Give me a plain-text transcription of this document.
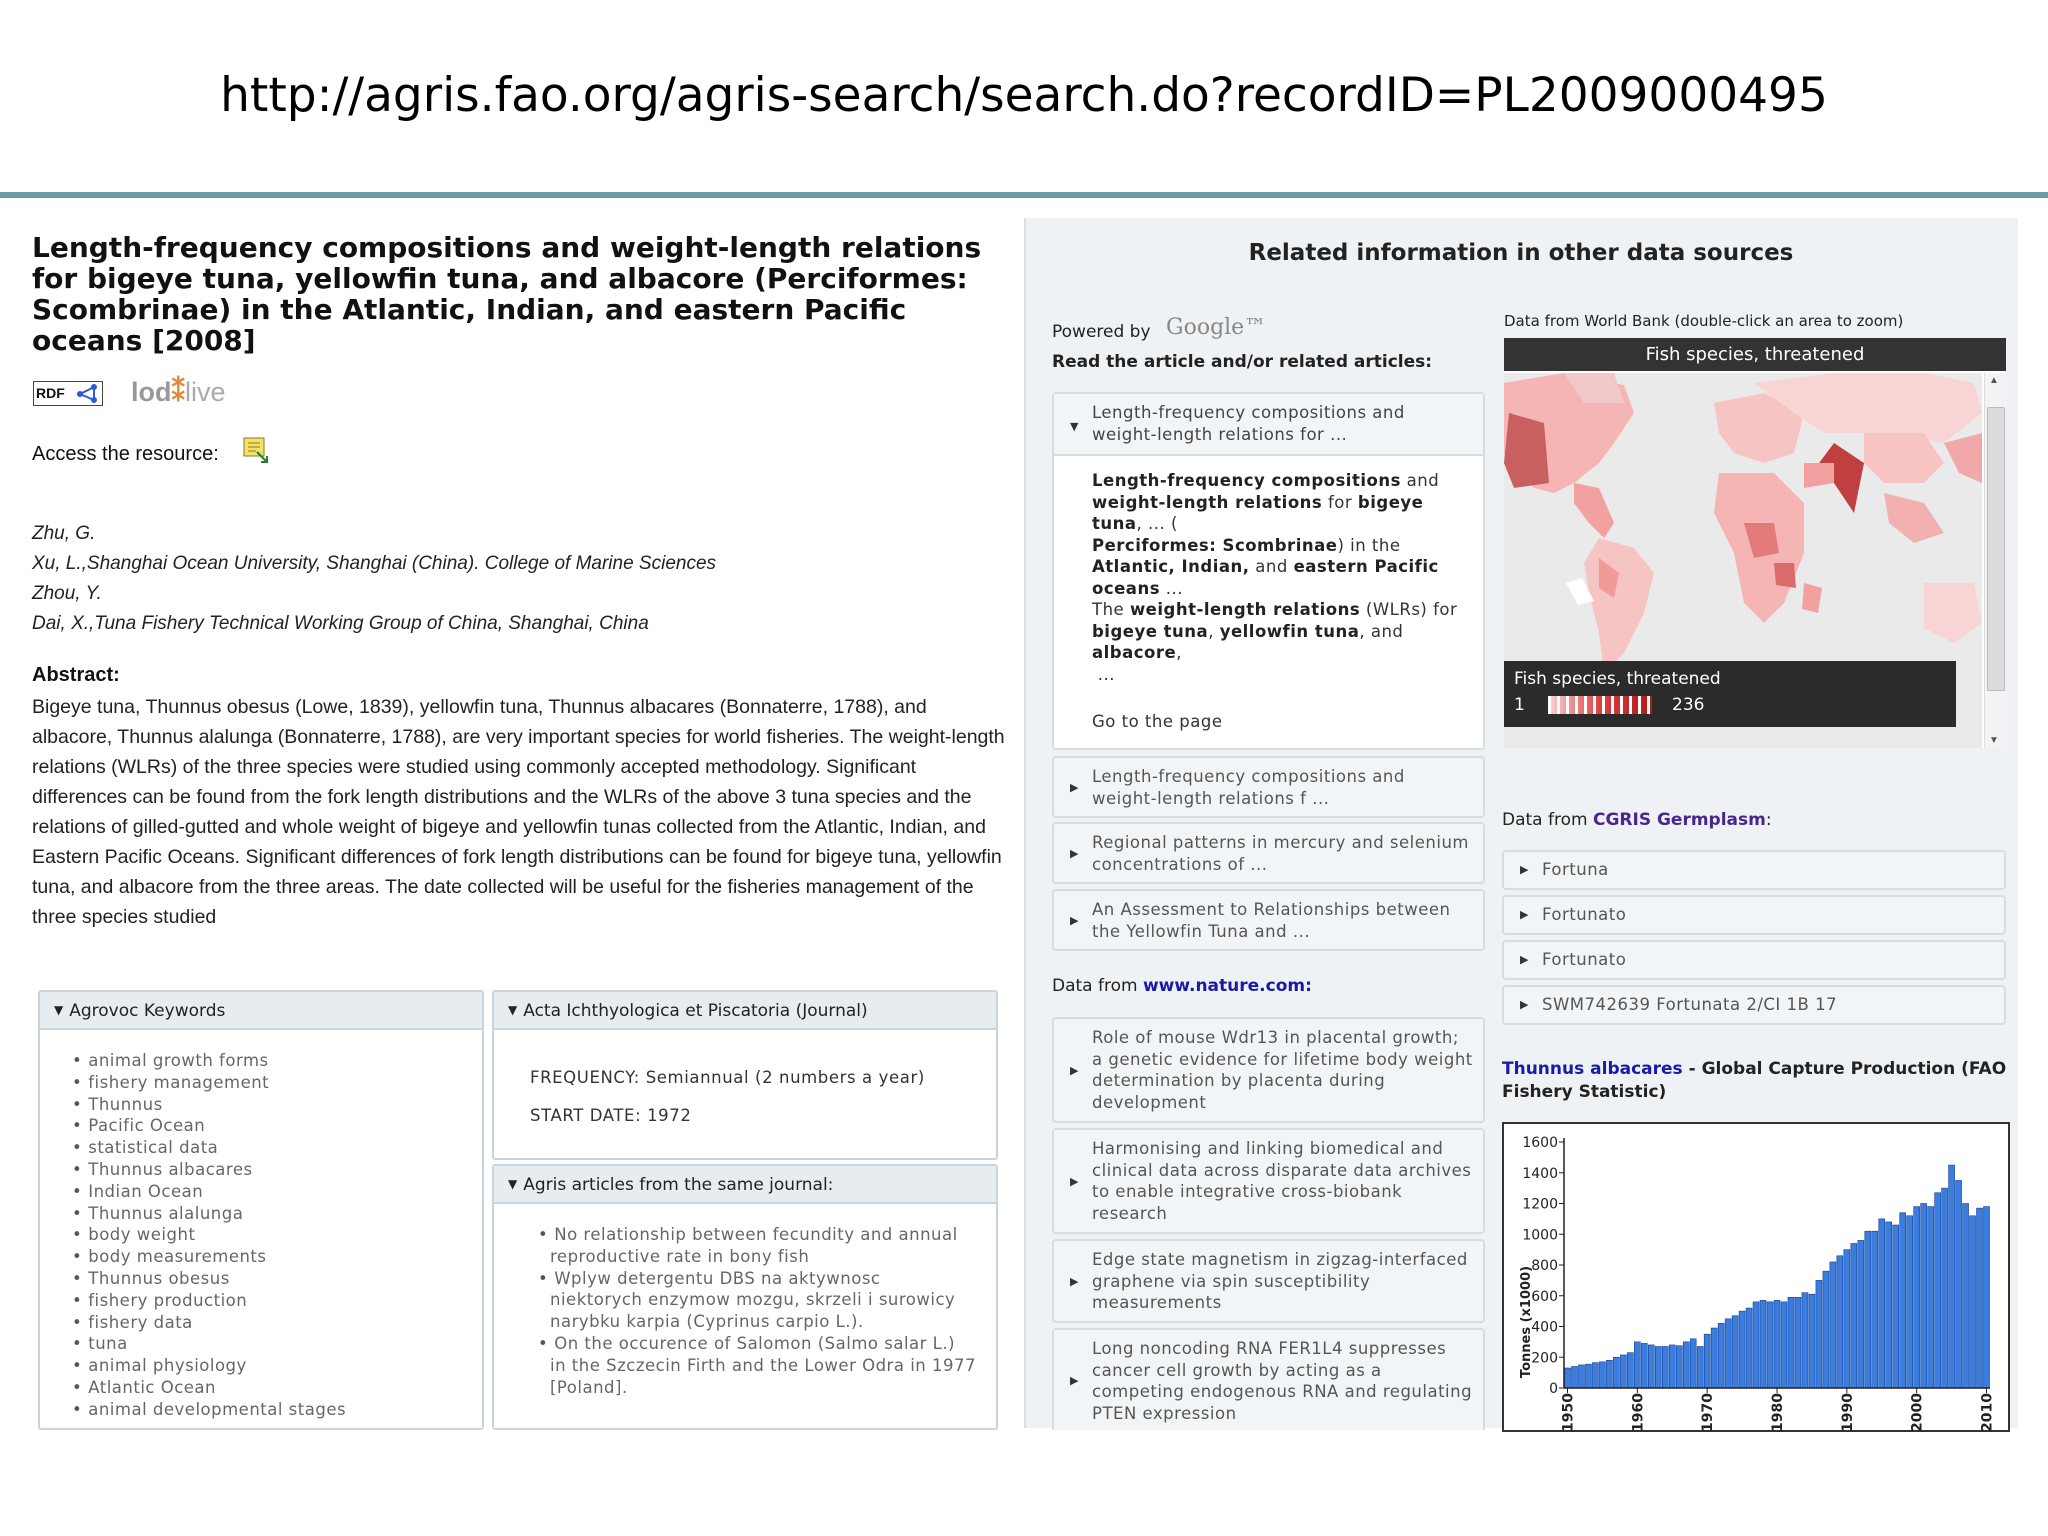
http://agris.fao.org/agris-search/search.do?recordID=PL2009000495
Length-frequency compositions and weight-length relations for bigeye tuna, yellowfin tuna, and albacore (Perciformes: Scombrinae) in the Atlantic, Indian, and eastern Pacific oceans [2008]
RDF	lod⁑live
Access the resource:
Zhu, G.
Xu, L.,Shanghai Ocean University, Shanghai (China). College of Marine Sciences
Zhou, Y.
Dai, X.,Tuna Fishery Technical Working Group of China, Shanghai, China
Abstract:
Bigeye tuna, Thunnus obesus (Lowe, 1839), yellowfin tuna, Thunnus albacares (Bonnaterre, 1788), and albacore, Thunnus alalunga (Bonnaterre, 1788), are very important species for world fisheries. The weight-length relations (WLRs) of the three species were studied using commonly accepted methodology. Significant differences can be found from the fork length distributions and the WLRs of the above 3 tuna species and the relations of gilled-gutted and whole weight of bigeye and yellowfin tunas collected from the Atlantic, Indian, and Eastern Pacific Oceans. Significant differences of fork length distributions can be found for bigeye tuna, yellowfin tuna, and albacore from the three areas. The date collected will be useful for the fisheries management of the three species studied
▼ Agrovoc Keywords
• animal growth forms
• fishery management
• Thunnus
• Pacific Ocean
• statistical data
• Thunnus albacares
• Indian Ocean
• Thunnus alalunga
• body weight
• body measurements
• Thunnus obesus
• fishery production
• fishery data
• tuna
• animal physiology
• Atlantic Ocean
• animal developmental stages
▼ Acta Ichthyologica et Piscatoria (Journal)
FREQUENCY: Semiannual (2 numbers a year)
START DATE: 1972
▼ Agris articles from the same journal:
• No relationship between fecundity and annual reproductive rate in bony fish
• Wplyw detergentu DBS na aktywnosc niektorych enzymow mozgu, skrzeli i surowicy narybku karpia (Cyprinus carpio L.).
• On the occurence of Salomon (Salmo salar L.) in the Szczecin Firth and the Lower Odra in 1977 [Poland].
Related information in other data sources
Powered by Google™
Read the article and/or related articles:
▼
Length-frequency compositions and weight-length relations for ...
Length-frequency compositions and weight-length relations for bigeye tuna, ... (
Perciformes: Scombrinae) in the Atlantic, Indian, and eastern Pacific oceans ...
The weight-length relations (WLRs) for bigeye tuna, yellowfin tuna, and albacore,
...
Go to the page
▶
Length-frequency compositions and weight-length relations f ...
▶
Regional patterns in mercury and selenium concentrations of ...
▶
An Assessment to Relationships between the Yellowfin Tuna and ...
Data from www.nature.com:
▶
Role of mouse Wdr13 in placental growth; a genetic evidence for lifetime body weight determination by placenta during development
▶
Harmonising and linking biomedical and clinical data across disparate data archives to enable integrative cross-biobank research
▶
Edge state magnetism in zigzag-interfaced graphene via spin susceptibility measurements
▶
Long noncoding RNA FER1L4 suppresses cancer cell growth by acting as a competing endogenous RNA and regulating PTEN expression
Data from World Bank (double-click an area to zoom)
Fish species, threatened
▲
▼
Fish species, threatened
1	236
Data from CGRIS Germplasm:
▶ Fortuna
▶ Fortunato
▶ Fortunato
▶ SWM742639 Fortunata 2/CI 1B 17
Thunnus albacares - Global Capture Production (FAO Fishery Statistic)
0
200
400
600
800
1000
1200
1400
1600
1950	1960	1970	1980	1990	2000	2010
Tonnes (x1000)
